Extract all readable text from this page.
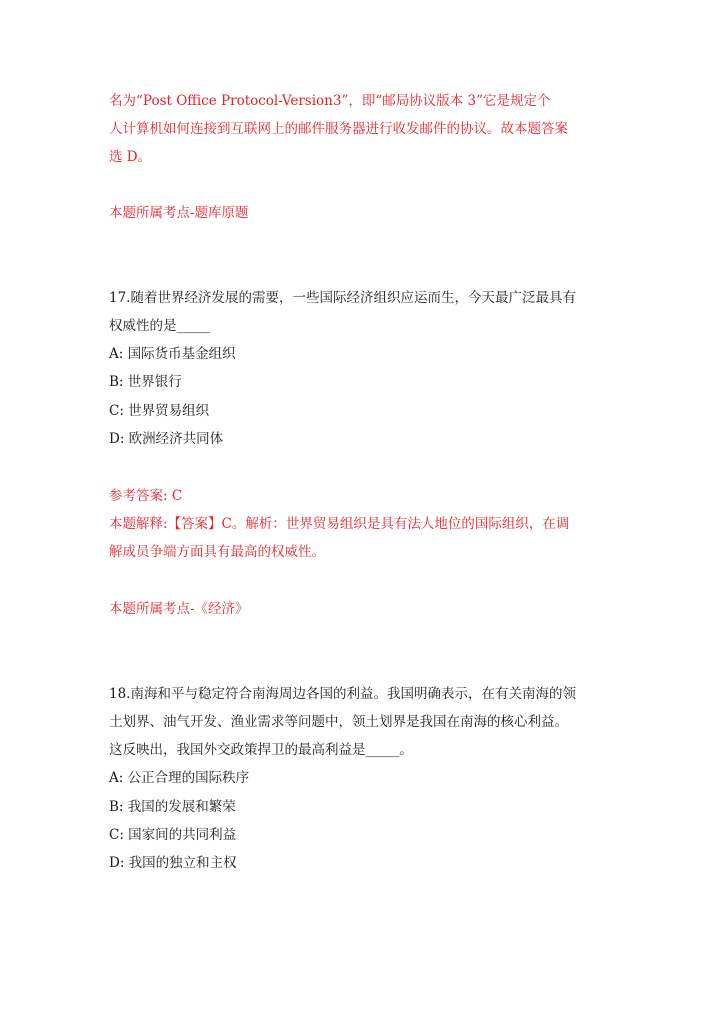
名为“Post Office Protocol-Version3”，即“邮局协议版本 3”它是规定个
人计算机如何连接到互联网上的邮件服务器进行收发邮件的协议。故本题答案
选 D。
本题所属考点-题库原题
17.随着世界经济发展的需要，一些国际经济组织应运而生，今天最广泛最具有
权威性的是_____
A: 国际货币基金组织
B: 世界银行
C: 世界贸易组织
D: 欧洲经济共同体
参考答案: C
本题解释:【答案】C。解析：世界贸易组织是具有法人地位的国际组织，在调
解成员争端方面具有最高的权威性。
本题所属考点-《经济》
18.南海和平与稳定符合南海周边各国的利益。我国明确表示，在有关南海的领
土划界、油气开发、渔业需求等问题中，领土划界是我国在南海的核心利益。
这反映出，我国外交政策捍卫的最高利益是_____。
A: 公正合理的国际秩序
B: 我国的发展和繁荣
C: 国家间的共同利益
D: 我国的独立和主权
